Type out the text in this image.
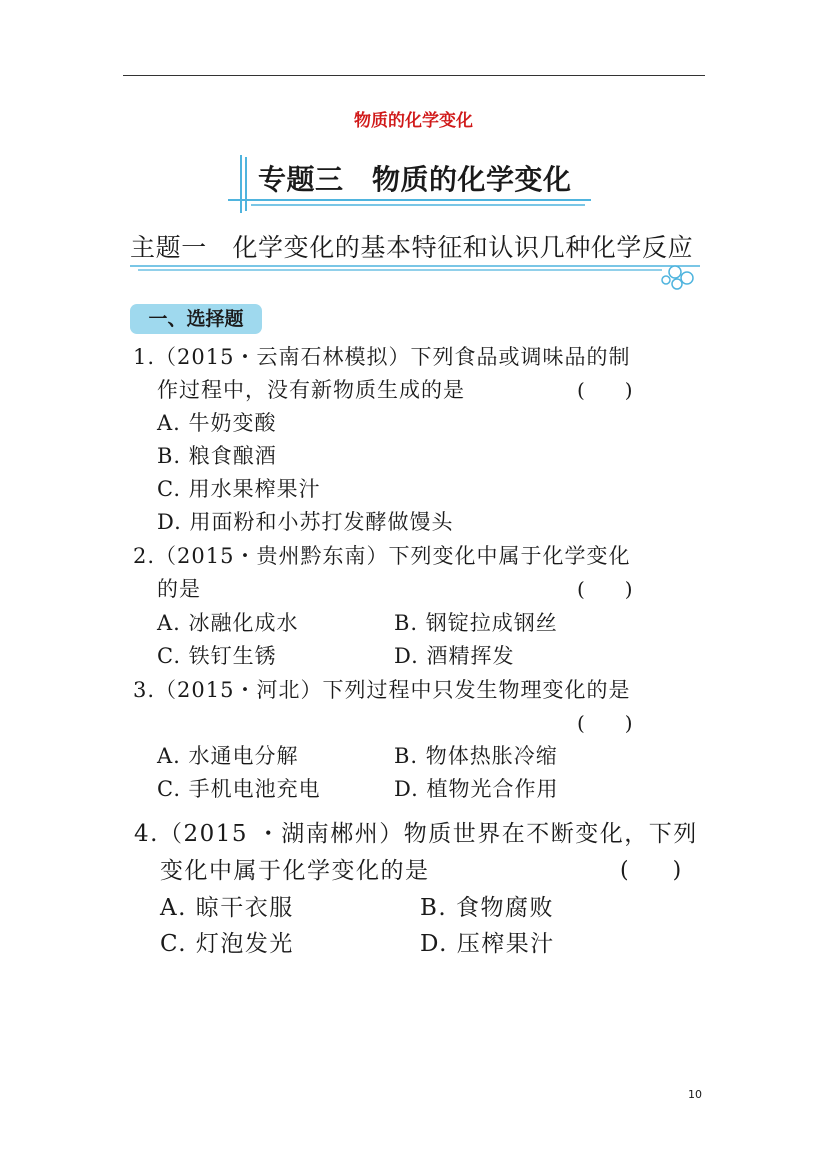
物质的化学变化
专题三　物质的化学变化
主题一　化学变化的基本特征和认识几种化学反应
一、选择题
1.（2015・云南石林模拟）下列食品或调味品的制
作过程中，没有新物质生成的是	(　　)
A. 牛奶变酸
B. 粮食酿酒
C. 用水果榨果汁
D. 用面粉和小苏打发酵做馒头
2.（2015・贵州黔东南）下列变化中属于化学变化
的是	(　　)
A. 冰融化成水	B. 钢锭拉成钢丝
C. 铁钉生锈	D. 酒精挥发
3.（2015・河北）下列过程中只发生物理变化的是
(　　)
A. 水通电分解	B. 物体热胀冷缩
C. 手机电池充电	D. 植物光合作用
4.（2015 ・湖南郴州）物质世界在不断变化，下列
变化中属于化学变化的是	(　　)
A. 晾干衣服	B. 食物腐败
C. 灯泡发光	D. 压榨果汁
10
